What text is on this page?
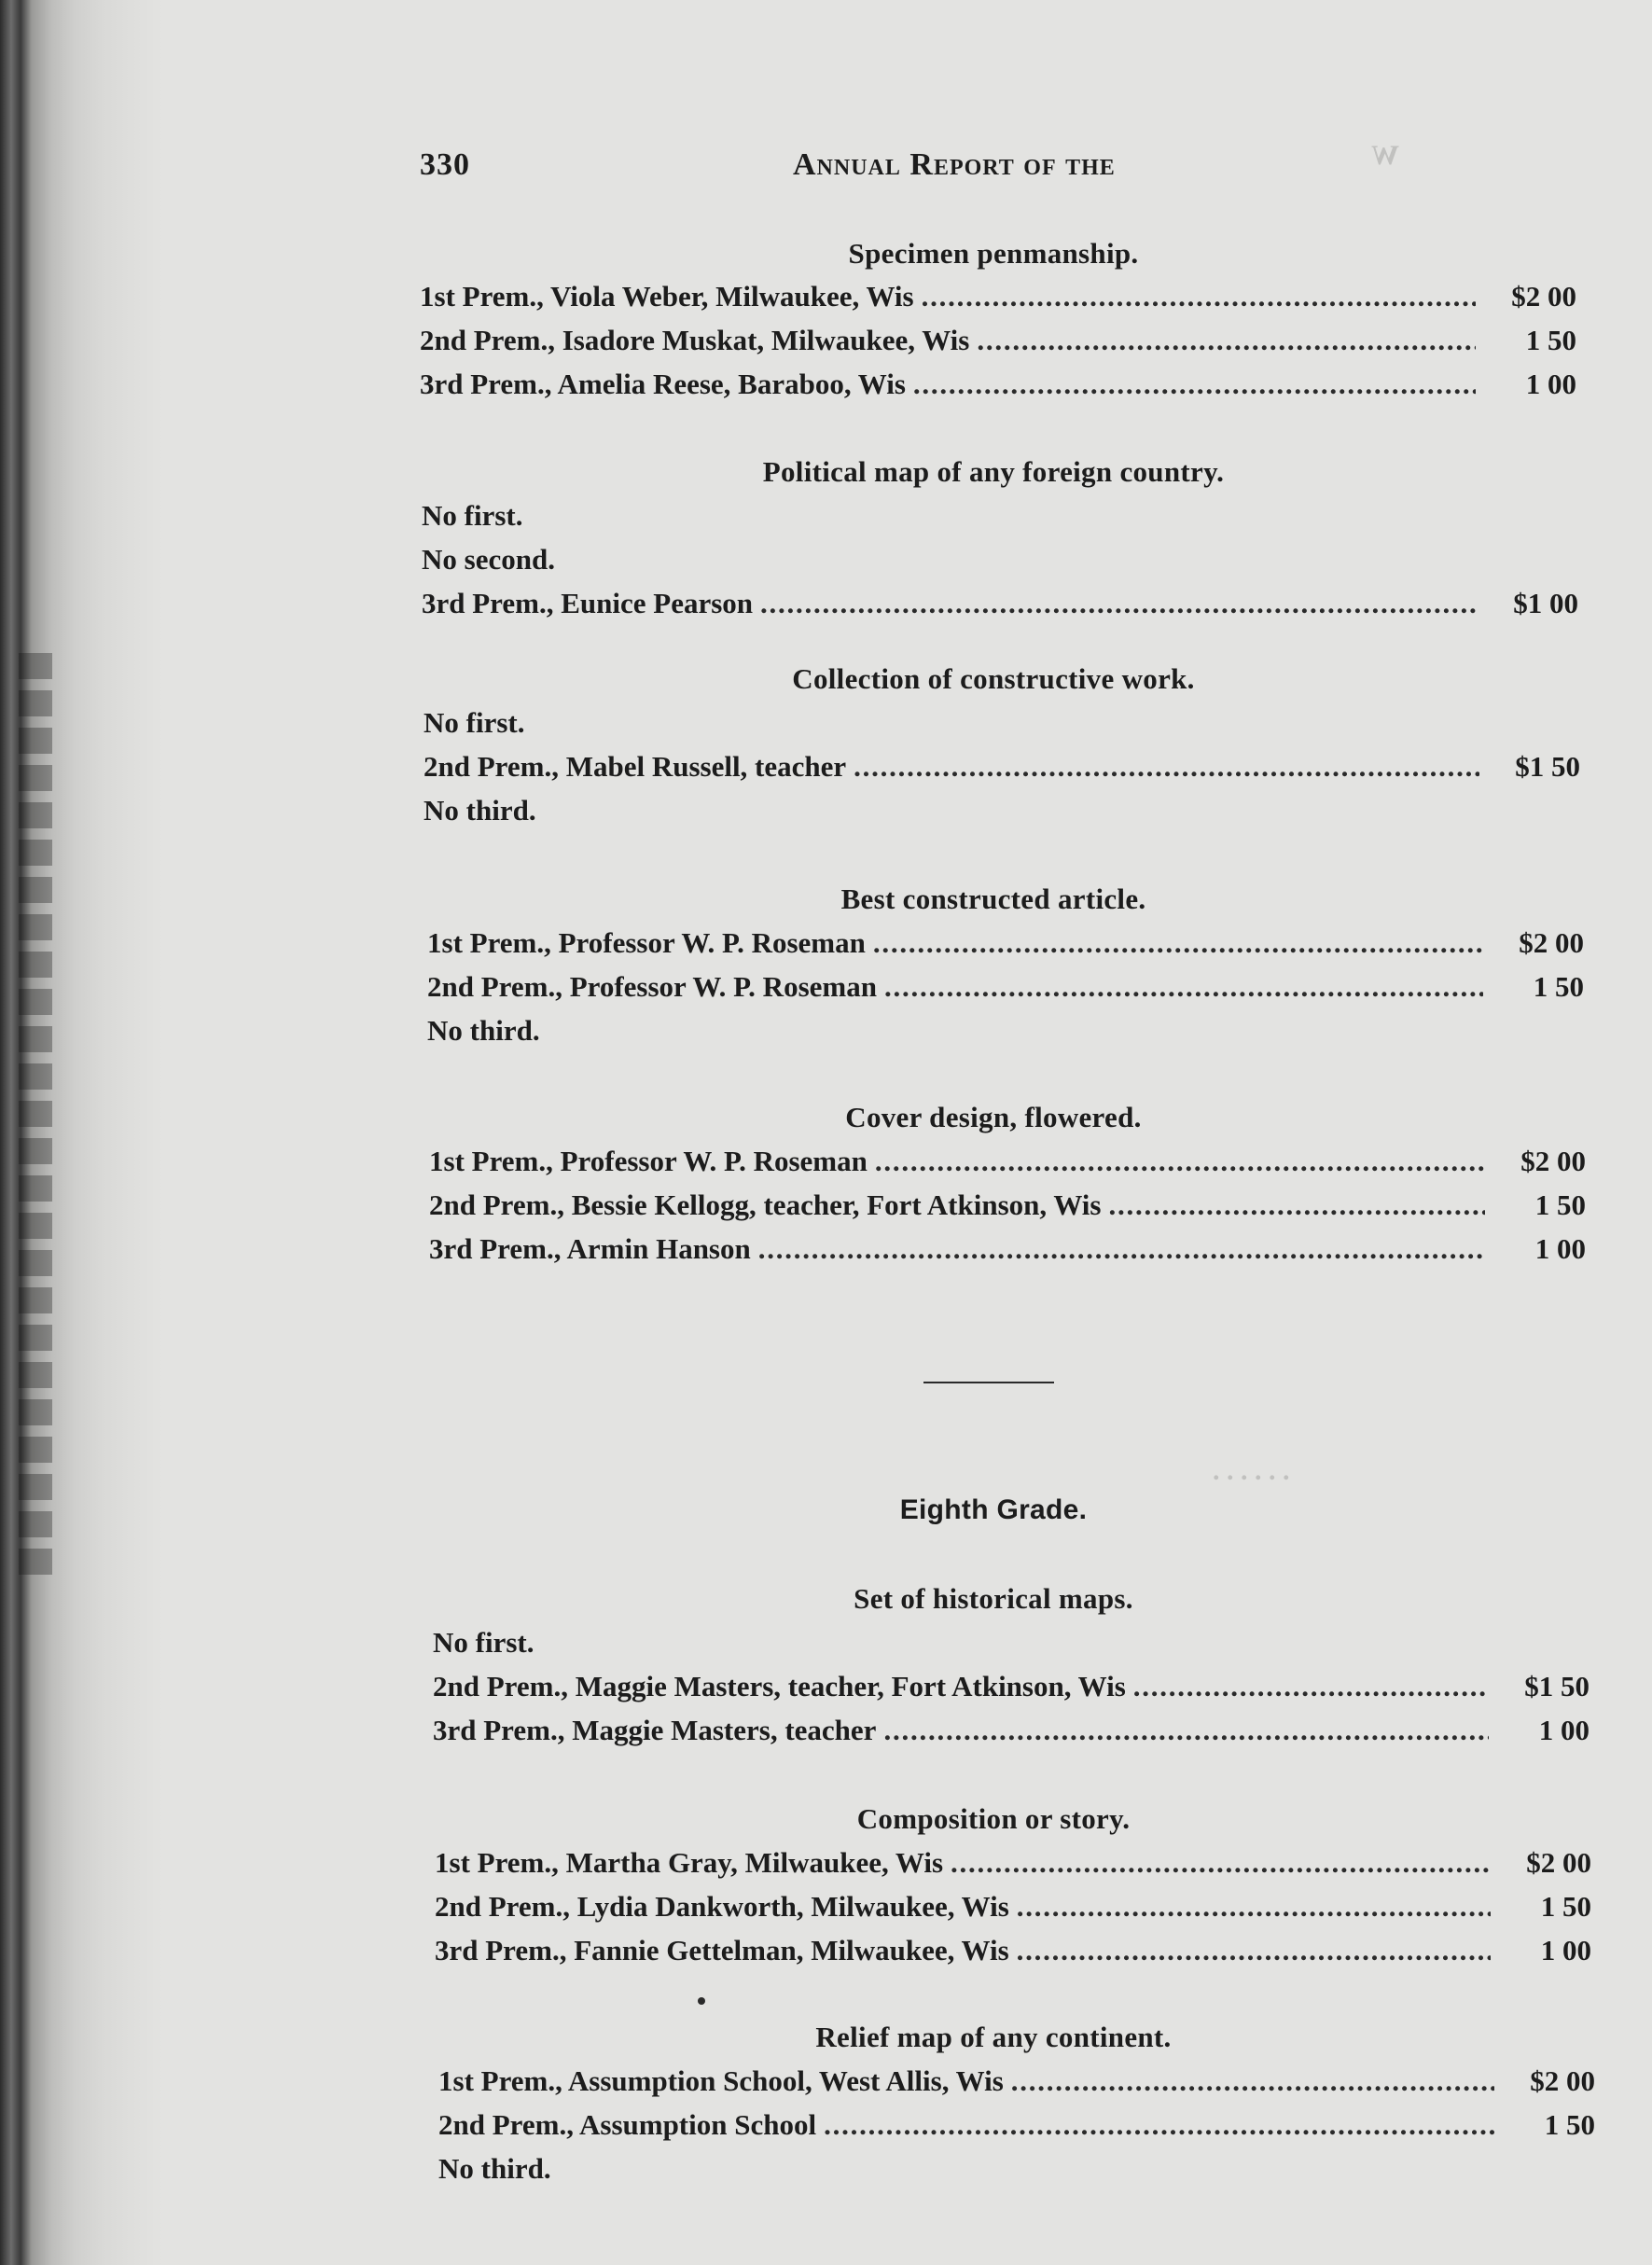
330	Annual Report of the	W
. . . . . .
Specimen penmanship.
1st Prem., Viola Weber, Milwaukee, Wis . . .	$2 00
2nd Prem., Isadore Muskat, Milwaukee, Wis . . .	1 50
3rd Prem., Amelia Reese, Baraboo, Wis . . .	1 00
Political map of any foreign country.
No first.
No second.
3rd Prem., Eunice Pearson . . .	$1 00
Collection of constructive work.
No first.
2nd Prem., Mabel Russell, teacher . . .	$1 50
No third.
Best constructed article.
1st Prem., Professor W. P. Roseman . . .	$2 00
2nd Prem., Professor W. P. Roseman . . .	1 50
No third.
Cover design, flowered.
1st Prem., Professor W. P. Roseman . . .	$2 00
2nd Prem., Bessie Kellogg, teacher, Fort Atkinson, Wis . . .	1 50
3rd Prem., Armin Hanson . . .	1 00
Eighth Grade.
Set of historical maps.
No first.
2nd Prem., Maggie Masters, teacher, Fort Atkinson, Wis . . .	$1 50
3rd Prem., Maggie Masters, teacher . . .	1 00
Composition or story.
1st Prem., Martha Gray, Milwaukee, Wis . . .	$2 00
2nd Prem., Lydia Dankworth, Milwaukee, Wis . . .	1 50
3rd Prem., Fannie Gettelman, Milwaukee, Wis . . .	1 00
Relief map of any continent.
1st Prem., Assumption School, West Allis, Wis . . .	$2 00
2nd Prem., Assumption School . . .	1 50
No third.
